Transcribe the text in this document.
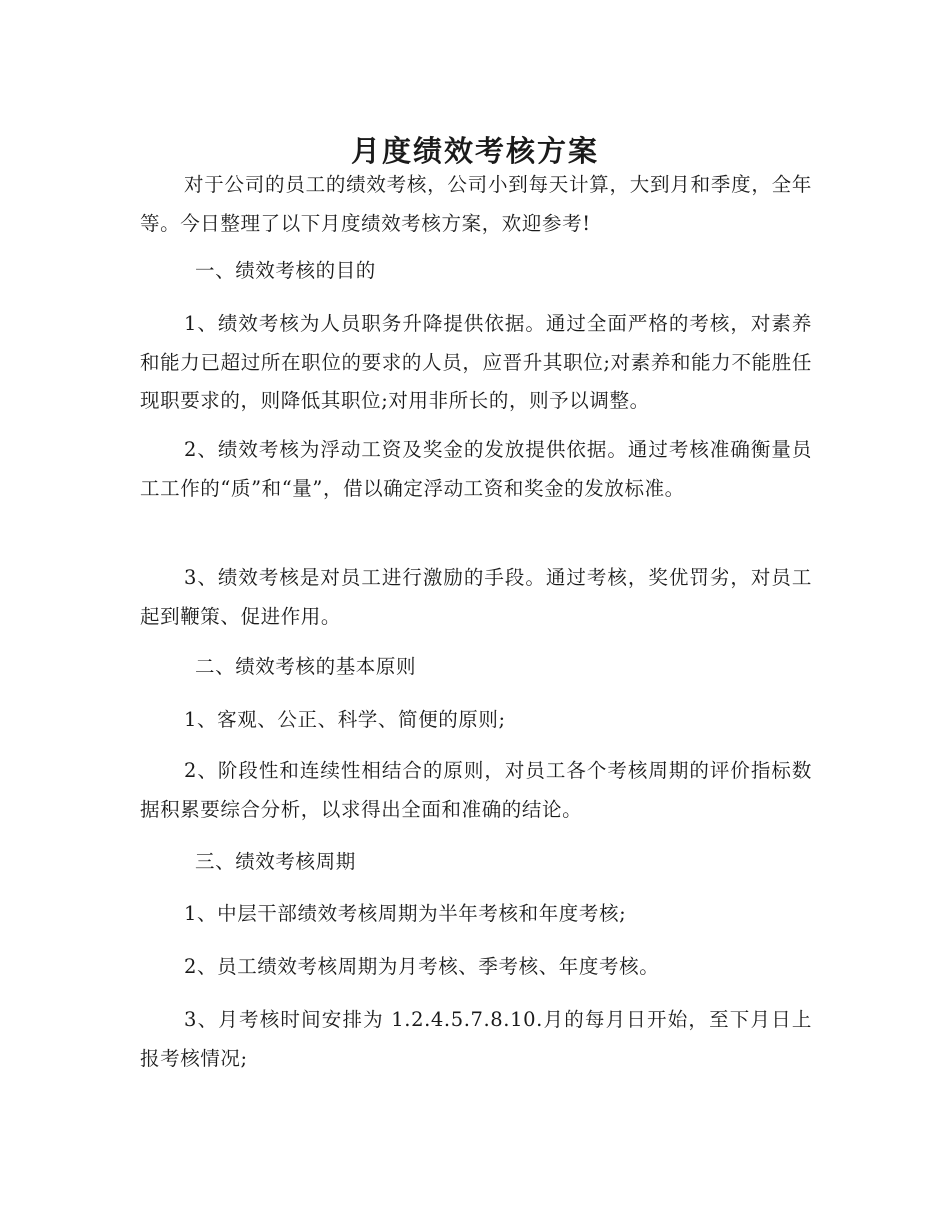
月度绩效考核方案

对于公司的员工的绩效考核，公司小到每天计算，大到月和季度，全年等。今日整理了以下月度绩效考核方案，欢迎参考!

一、绩效考核的目的

1、绩效考核为人员职务升降提供依据。通过全面严格的考核，对素养和能力已超过所在职位的要求的人员，应晋升其职位;对素养和能力不能胜任现职要求的，则降低其职位;对用非所长的，则予以调整。

2、绩效考核为浮动工资及奖金的发放提供依据。通过考核准确衡量员工工作的“质”和“量”，借以确定浮动工资和奖金的发放标准。

3、绩效考核是对员工进行激励的手段。通过考核，奖优罚劣，对员工起到鞭策、促进作用。

二、绩效考核的基本原则

1、客观、公正、科学、简便的原则;

2、阶段性和连续性相结合的原则，对员工各个考核周期的评价指标数据积累要综合分析，以求得出全面和准确的结论。

三、绩效考核周期

1、中层干部绩效考核周期为半年考核和年度考核;

2、员工绩效考核周期为月考核、季考核、年度考核。

3、月考核时间安排为 1.2.4.5.7.8.10.月的每月日开始，至下月日上报考核情况;
